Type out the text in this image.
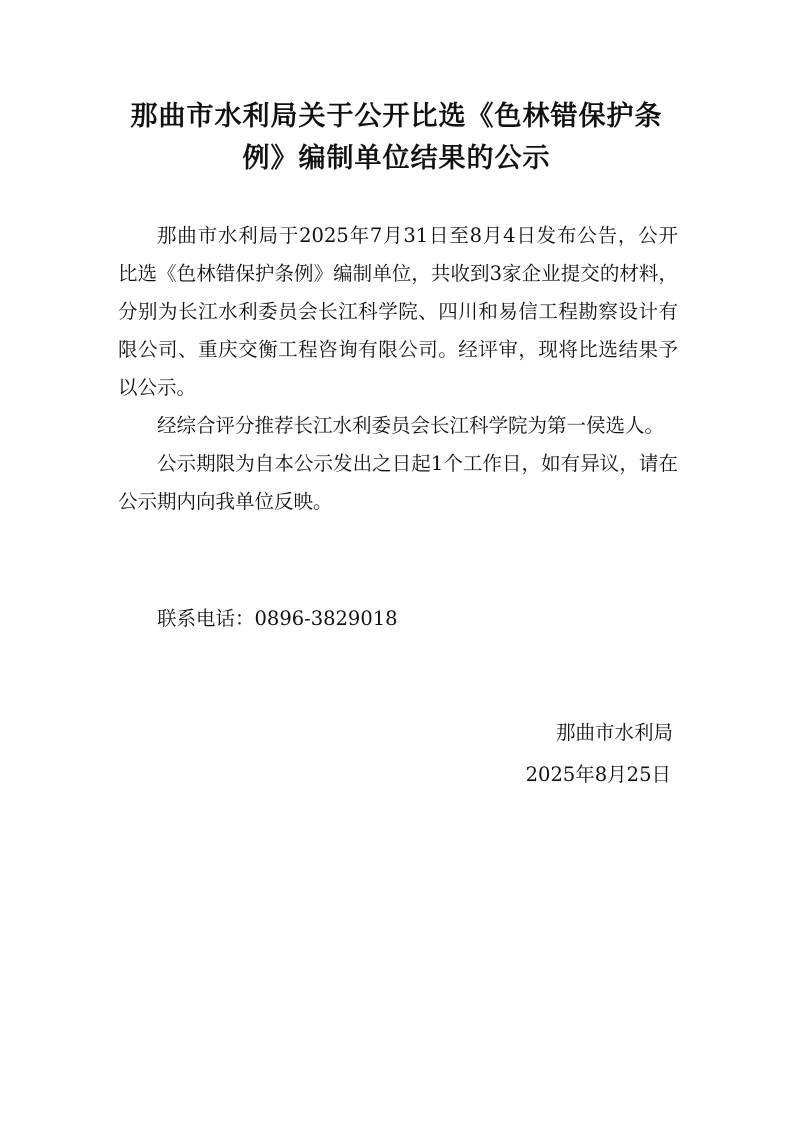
那曲市水利局关于公开比选《色林错保护条
例》编制单位结果的公示

那曲市水利局于2025年7月31日至8月4日发布公告，公开比选《色林错保护条例》编制单位，共收到3家企业提交的材料，分别为长江水利委员会长江科学院、四川和易信工程勘察设计有限公司、重庆交衡工程咨询有限公司。经评审，现将比选结果予以公示。

经综合评分推荐长江水利委员会长江科学院为第一侯选人。

公示期限为自本公示发出之日起1个工作日，如有异议，请在公示期内向我单位反映。

联系电话：0896-3829018
那曲市水利局
2025年8月25日
